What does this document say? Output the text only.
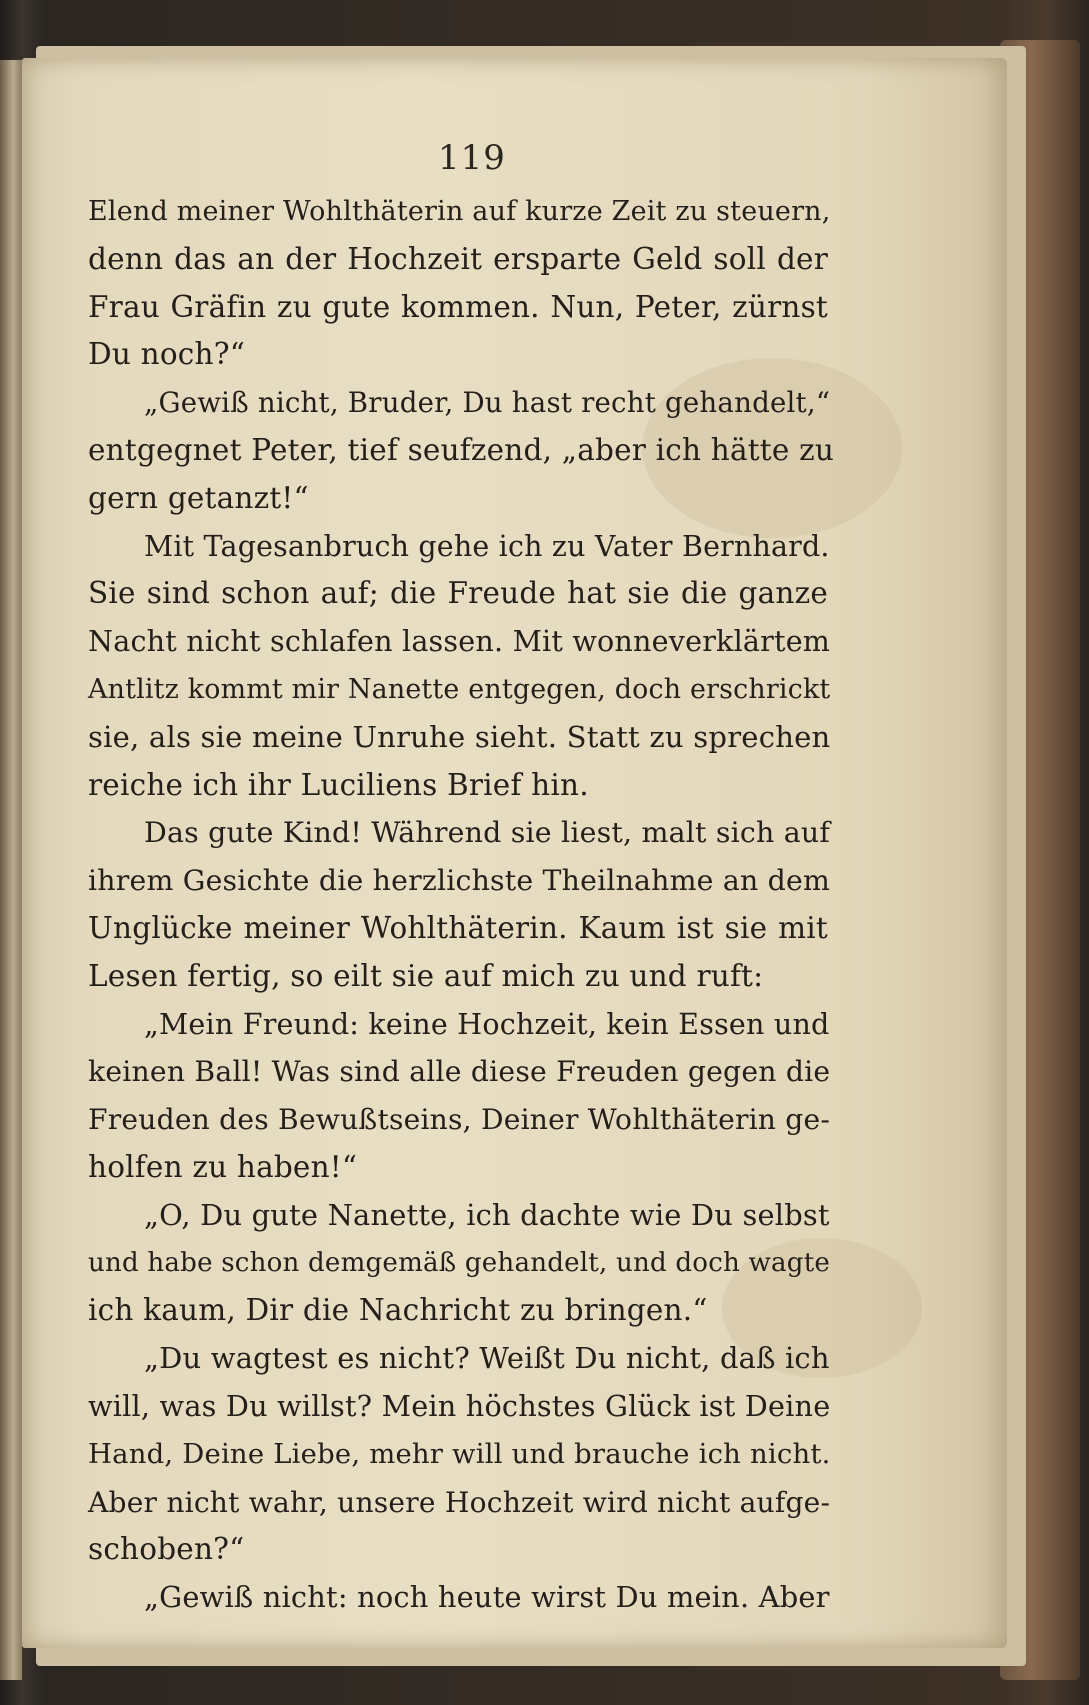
119
Elend meiner Wohlthäterin auf kurze Zeit zu steuern,
denn das an der Hochzeit ersparte Geld soll der
Frau Gräfin zu gute kommen. Nun, Peter, zürnst
Du noch?“
„Gewiß nicht, Bruder, Du hast recht gehandelt,“
entgegnet Peter, tief seufzend, „aber ich hätte zu
gern getanzt!“
Mit Tagesanbruch gehe ich zu Vater Bernhard.
Sie sind schon auf; die Freude hat sie die ganze
Nacht nicht schlafen lassen. Mit wonneverklärtem
Antlitz kommt mir Nanette entgegen, doch erschrickt
sie, als sie meine Unruhe sieht. Statt zu sprechen
reiche ich ihr Luciliens Brief hin.
Das gute Kind! Während sie liest, malt sich auf
ihrem Gesichte die herzlichste Theilnahme an dem
Unglücke meiner Wohlthäterin. Kaum ist sie mit
Lesen fertig, so eilt sie auf mich zu und ruft:
„Mein Freund: keine Hochzeit, kein Essen und
keinen Ball! Was sind alle diese Freuden gegen die
Freuden des Bewußtseins, Deiner Wohlthäterin ge-
holfen zu haben!“
„O, Du gute Nanette, ich dachte wie Du selbst
und habe schon demgemäß gehandelt, und doch wagte
ich kaum, Dir die Nachricht zu bringen.“
„Du wagtest es nicht? Weißt Du nicht, daß ich
will, was Du willst? Mein höchstes Glück ist Deine
Hand, Deine Liebe, mehr will und brauche ich nicht.
Aber nicht wahr, unsere Hochzeit wird nicht aufge-
schoben?“
„Gewiß nicht: noch heute wirst Du mein. Aber
